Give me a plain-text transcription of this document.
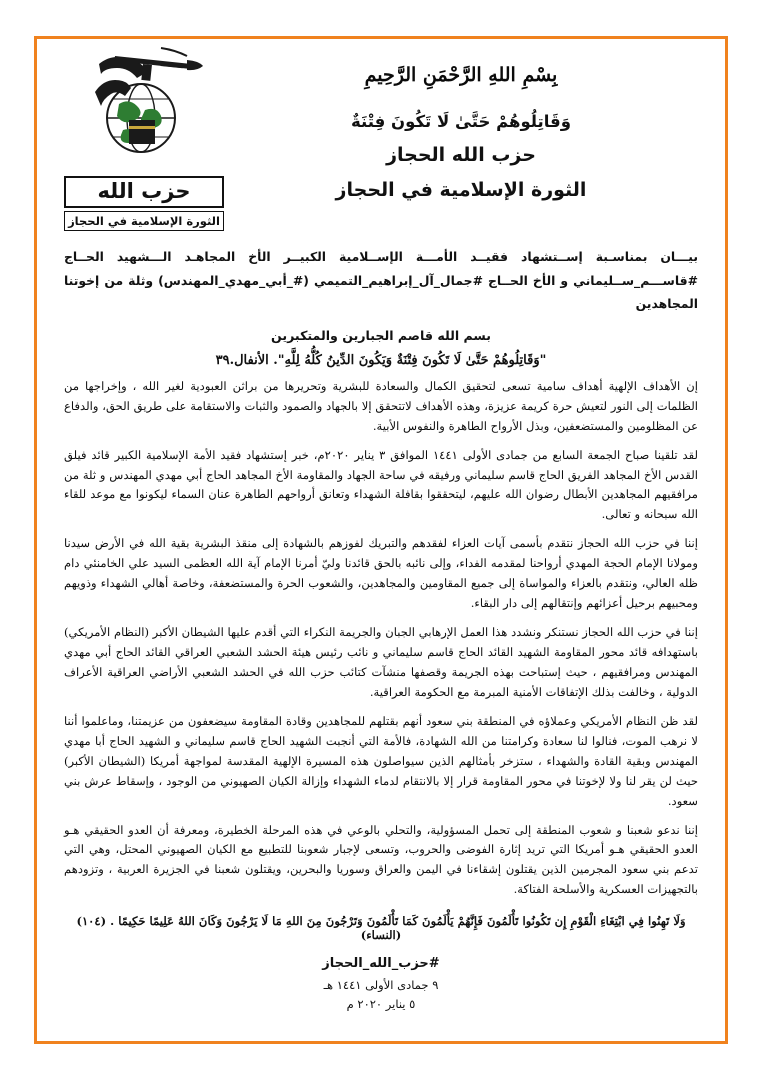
بِسْمِ اللهِ الرَّحْمَنِ الرَّحِيمِ
وَقَاتِلُوهُمْ حَتَّىٰ لَا تَكُونَ فِتْنَةٌ
حزب الله الحجاز
الثورة الإسلامية في الحجاز
حزب الله
الثورة الإسلامية في الحجاز
بيـــان بمناسـبة إســتشهاد فقيــد الأمـــة الإســلامية الكبيــر الأخ المجاهـد الـــشهيد الحــاج #قاســـم_ســليماني و الأخ الحــاج #جمال_آل_إبراهيم_التميمي (#_أبي_مهدي_المهندس) وثلة من إخوتنا المجاهدين
بسم الله قاصم الجبارين والمتكبرين
"وَقَاتِلُوهُمْ حَتَّىٰ لَا تَكُونَ فِتْنَةٌ وَيَكُونَ الدِّينُ كُلُّهُ لِلَّهِ". الأنفال.٣٩
إن الأهداف الإلهية أهداف سامية تسعى لتحقيق الكمال والسعادة للبشرية وتحريرها من براثن العبودية لغير الله ، وإخراجها من الظلمات إلى النور لتعيش حرة كريمة عزيزة، وهذه الأهداف لاتتحقق إلا بالجهاد والصمود والثبات والاستقامة على طريق الحق، والدفاع عن المظلومين والمستضعفين، وبذل الأرواح الطاهرة والنفوس الأبية.
لقد تلقينا صباح الجمعة السابع من جمادى الأولى ١٤٤١ الموافق ٣ يناير ٢٠٢٠م، خبر إستشهاد فقيد الأمة الإسلامية الكبير قائد فيلق القدس الأخ المجاهد الفريق الحاج قاسم سليماني ورفيقه في ساحة الجهاد والمقاومة الأخ المجاهد الحاج أبي مهدي المهندس و ثلة من مرافقيهم المجاهدين الأبطال رضوان الله عليهم، ليتحققوا بقافلة الشهداء وتعانق أرواحهم الطاهرة عنان السماء ليكونوا مع موعد للقاء الله سبحانه و تعالى.
إننا في حزب الله الحجاز نتقدم بأسمى آيات العزاء لفقدهم والتبريك لفوزهم بالشهادة إلى منقذ البشرية بقية الله في الأرض سيدنا ومولانا الإمام الحجة المهدي أرواحنا لمقدمه الفداء، وإلى نائبه بالحق قائدنا وليّ أمرنا الإمام آية الله العظمى السيد علي الخامنئي دام ظله العالي، ونتقدم بالعزاء والمواساة إلى جميع المقاومين والمجاهدين، والشعوب الحرة والمستضعفة، وخاصة أهالي الشهداء وذويهم ومحبيهم برحيل أعزائهم وإنتقالهم إلى دار البقاء.
إننا في حزب الله الحجاز نستنكر ونشدد هذا العمل الإرهابي الجبان والجريمة النكراء التي أقدم عليها الشيطان الأكبر (النظام الأمريكي) باستهدافه قائد محور المقاومة الشهيد القائد الحاج قاسم سليماني و نائب رئيس هيئة الحشد الشعبي العراقي القائد الحاج أبي مهدي المهندس ومرافقيهم ، حيث إستباحت بهذه الجريمة وقصفها منشآت كتائب حزب الله في الحشد الشعبي الأراضي العراقية الأعراف الدولية ، وخالفت بذلك الإتفاقات الأمنية المبرمة مع الحكومة العراقية.
لقد ظن النظام الأمريكي وعملاؤه في المنطقة بني سعود أنهم بقتلهم للمجاهدين وقادة المقاومة سيضعفون من عزيمتنا، وماعلموا أننا لا نرهب الموت، فنالوا لنا سعادة وكرامتنا من الله الشهادة، فالأمة التي أنجبت الشهيد الحاج قاسم سليماني و الشهيد الحاج أبا مهدي المهندس وبقية القادة والشهداء ، ستزخر بأمثالهم الذين سيواصلون هذه المسيرة الإلهية المقدسة لمواجهة أمريكا (الشيطان الأكبر) حيث لن يقر لنا ولا لإخوتنا في محور المقاومة قرار إلا بالانتقام لدماء الشهداء وإزالة الكيان الصهيوني من الوجود ، وإسقاط عرش بني سعود.
إننا ندعو شعبنا و شعوب المنطقة إلى تحمل المسؤولية، والتحلي بالوعي في هذه المرحلة الخطيرة، ومعرفة أن العدو الحقيقي هـو العدو الحقيقي هـو أمريكا التي تريد إثارة الفوضى والحروب، وتسعى لإجبار شعوبنا للتطبيع مع الكيان الصهيوني المحتل، وهي التي تدعم بني سعود المجرمين الذين يقتلون إشقاءنا في اليمن والعراق وسوريا والبحرين، ويقتلون شعبنا في الجزيرة العربية ، وتزودهم بالتجهيزات العسكرية والأسلحة الفتاكة.
وَلَا تَهِنُوا فِي ابْتِغَاءِ الْقَوْمِ إِن تَكُونُوا تَأْلَمُونَ فَإِنَّهُمْ يَأْلَمُونَ كَمَا تَأْلَمُونَ وَتَرْجُونَ مِنَ اللهِ مَا لَا يَرْجُونَ وَكَانَ اللهُ عَلِيمًا حَكِيمًا . (١٠٤) (النساء)
#حزب_الله_الحجاز
٩ جمادى الأولى ١٤٤١ هـ
٥ يناير ٢٠٢٠ م
